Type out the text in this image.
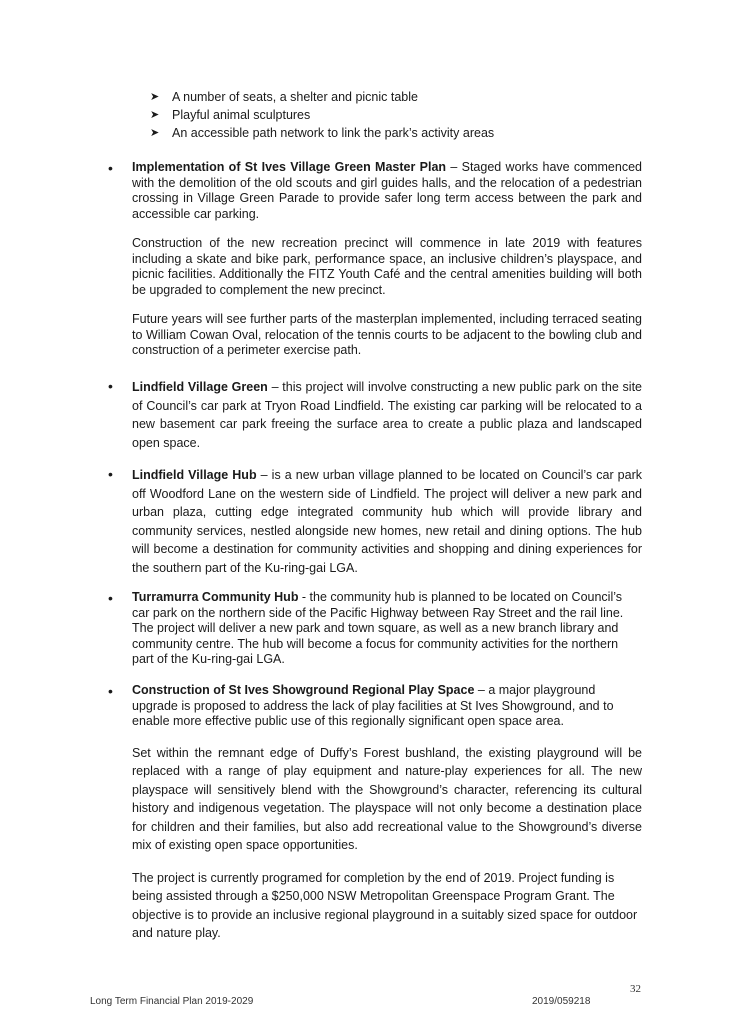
➤ A number of seats, a shelter and picnic table
➤ Playful animal sculptures
➤ An accessible path network to link the park’s activity areas
• Implementation of St Ives Village Green Master Plan – Staged works have commenced with the demolition of the old scouts and girl guides halls, and the relocation of a pedestrian crossing in Village Green Parade to provide safer long term access between the park and accessible car parking.

Construction of the new recreation precinct will commence in late 2019 with features including a skate and bike park, performance space, an inclusive children’s playspace, and picnic facilities. Additionally the FITZ Youth Café and the central amenities building will both be upgraded to complement the new precinct.

Future years will see further parts of the masterplan implemented, including terraced seating to William Cowan Oval, relocation of the tennis courts to be adjacent to the bowling club and construction of a perimeter exercise path.

• Lindfield Village Green – this project will involve constructing a new public park on the site of Council’s car park at Tryon Road Lindfield. The existing car parking will be relocated to a new basement car park freeing the surface area to create a public plaza and landscaped open space.

• Lindfield Village Hub – is a new urban village planned to be located on Council’s car park off Woodford Lane on the western side of Lindfield. The project will deliver a new park and urban plaza, cutting edge integrated community hub which will provide library and community services, nestled alongside new homes, new retail and dining options. The hub will become a destination for community activities and shopping and dining experiences for the southern part of the Ku-ring-gai LGA.

• Turramurra Community Hub - the community hub is planned to be located on Council’s car park on the northern side of the Pacific Highway between Ray Street and the rail line. The project will deliver a new park and town square, as well as a new branch library and community centre. The hub will become a focus for community activities for the northern part of the Ku-ring-gai LGA.

• Construction of St Ives Showground Regional Play Space – a major playground upgrade is proposed to address the lack of play facilities at St Ives Showground, and to enable more effective public use of this regionally significant open space area.

Set within the remnant edge of Duffy’s Forest bushland, the existing playground will be replaced with a range of play equipment and nature-play experiences for all. The new playspace will sensitively blend with the Showground’s character, referencing its cultural history and indigenous vegetation. The playspace will not only become a destination place for children and their families, but also add recreational value to the Showground’s diverse mix of existing open space opportunities.

The project is currently programed for completion by the end of 2019. Project funding is being assisted through a $250,000 NSW Metropolitan Greenspace Program Grant. The objective is to provide an inclusive regional playground in a suitably sized space for outdoor and nature play.

32
Long Term Financial Plan 2019-2029	2019/059218
